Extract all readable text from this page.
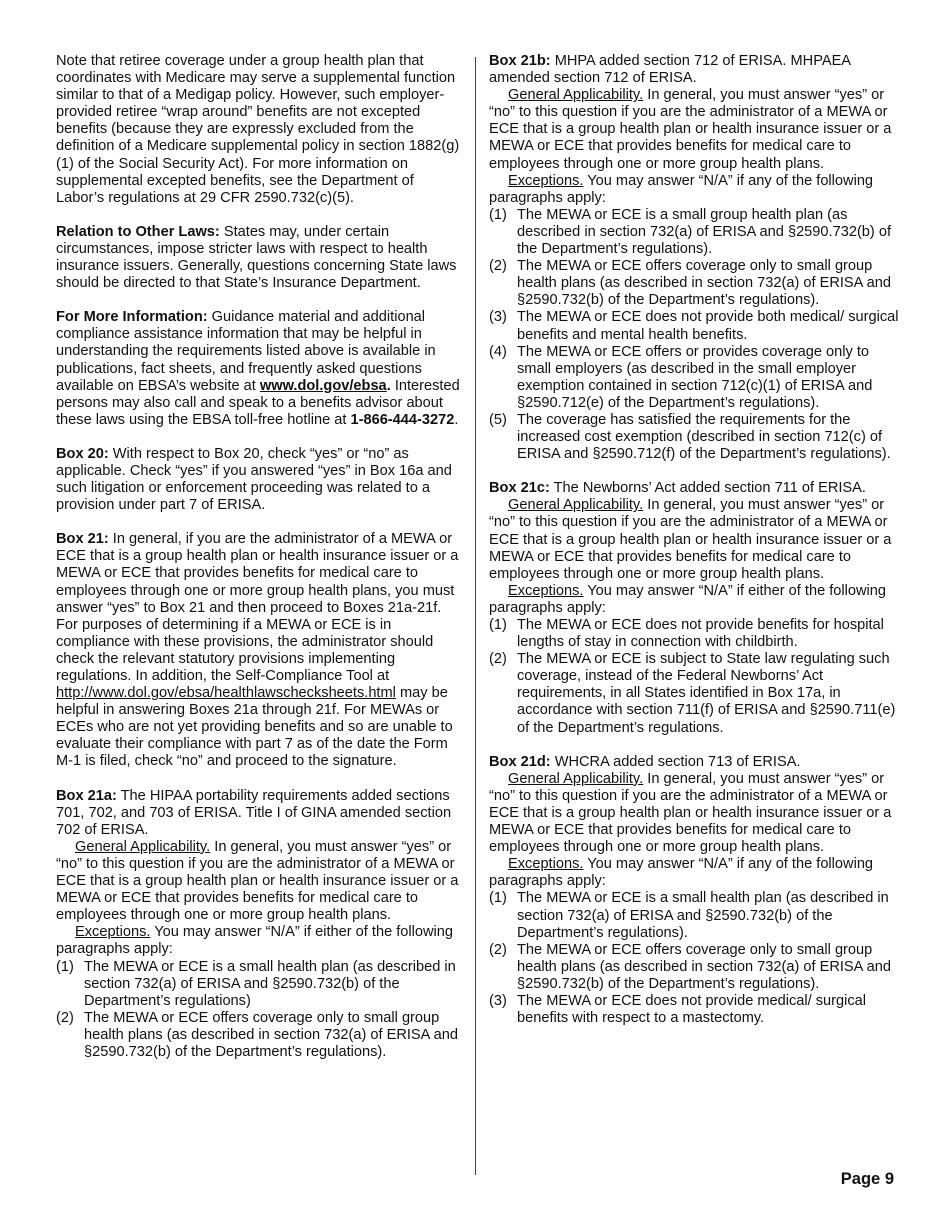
Note that retiree coverage under a group health plan that coordinates with Medicare may serve a supplemental function similar to that of a Medigap policy. However, such employer-provided retiree “wrap around” benefits are not excepted benefits (because they are expressly excluded from the definition of a Medicare supplemental policy in section 1882(g)(1) of the Social Security Act). For more information on supplemental excepted benefits, see the Department of Labor’s regulations at 29 CFR 2590.732(c)(5).

Relation to Other Laws: States may, under certain circumstances, impose stricter laws with respect to health insurance issuers. Generally, questions concerning State laws should be directed to that State’s Insurance Department.

For More Information: Guidance material and additional compliance assistance information that may be helpful in understanding the requirements listed above is available in publications, fact sheets, and frequently asked questions available on EBSA’s website at www.dol.gov/ebsa. Interested persons may also call and speak to a benefits advisor about these laws using the EBSA toll-free hotline at 1-866-444-3272.

Box 20: With respect to Box 20, check “yes” or “no” as applicable. Check “yes” if you answered “yes” in Box 16a and such litigation or enforcement proceeding was related to a provision under part 7 of ERISA.

Box 21: In general, if you are the administrator of a MEWA or ECE that is a group health plan or health insurance issuer or a MEWA or ECE that provides benefits for medical care to employees through one or more group health plans, you must answer “yes” to Box 21 and then proceed to Boxes 21a-21f. For purposes of determining if a MEWA or ECE is in compliance with these provisions, the administrator should check the relevant statutory provisions implementing regulations. In addition, the Self-Compliance Tool at http://www.dol.gov/ebsa/healthlawschecksheets.html may be helpful in answering Boxes 21a through 21f. For MEWAs or ECEs who are not yet providing benefits and so are unable to evaluate their compliance with part 7 as of the date the Form M-1 is filed, check “no” and proceed to the signature.

Box 21a: The HIPAA portability requirements added sections 701, 702, and 703 of ERISA. Title I of GINA amended section 702 of ERISA.

General Applicability. In general, you must answer “yes” or “no” to this question if you are the administrator of a MEWA or ECE that is a group health plan or health insurance issuer or a MEWA or ECE that provides benefits for medical care to employees through one or more group health plans.

Exceptions. You may answer “N/A” if either of the following paragraphs apply:

(1) The MEWA or ECE is a small health plan (as described in section 732(a) of ERISA and §2590.732(b) of the Department’s regulations)
(2) The MEWA or ECE offers coverage only to small group health plans (as described in section 732(a) of ERISA and §2590.732(b) of the Department’s regulations).

Box 21b: MHPA added section 712 of ERISA. MHPAEA amended section 712 of ERISA.

General Applicability. In general, you must answer “yes” or “no” to this question if you are the administrator of a MEWA or ECE that is a group health plan or health insurance issuer or a MEWA or ECE that provides benefits for medical care to employees through one or more group health plans.

Exceptions. You may answer “N/A” if any of the following paragraphs apply:

(1) The MEWA or ECE is a small group health plan (as described in section 732(a) of ERISA and §2590.732(b) of the Department’s regulations).
(2) The MEWA or ECE offers coverage only to small group health plans (as described in section 732(a) of ERISA and §2590.732(b) of the Department’s regulations).
(3) The MEWA or ECE does not provide both medical/ surgical benefits and mental health benefits.
(4) The MEWA or ECE offers or provides coverage only to small employers (as described in the small employer exemption contained in section 712(c)(1) of ERISA and §2590.712(e) of the Department’s regulations).
(5) The coverage has satisfied the requirements for the increased cost exemption (described in section 712(c) of ERISA and §2590.712(f) of the Department’s regulations).

Box 21c: The Newborns’ Act added section 711 of ERISA.

General Applicability. In general, you must answer “yes” or “no” to this question if you are the administrator of a MEWA or ECE that is a group health plan or health insurance issuer or a MEWA or ECE that provides benefits for medical care to employees through one or more group health plans.

Exceptions. You may answer “N/A” if either of the following paragraphs apply:

(1) The MEWA or ECE does not provide benefits for hospital lengths of stay in connection with childbirth.
(2) The MEWA or ECE is subject to State law regulating such coverage, instead of the Federal Newborns’ Act requirements, in all States identified in Box 17a, in accordance with section 711(f) of ERISA and §2590.711(e) of the Department’s regulations.

Box 21d: WHCRA added section 713 of ERISA.

General Applicability. In general, you must answer “yes” or “no” to this question if you are the administrator of a MEWA or ECE that is a group health plan or health insurance issuer or a MEWA or ECE that provides benefits for medical care to employees through one or more group health plans.

Exceptions. You may answer “N/A” if any of the following paragraphs apply:

(1) The MEWA or ECE is a small health plan (as described in section 732(a) of ERISA and §2590.732(b) of the Department’s regulations).
(2) The MEWA or ECE offers coverage only to small group health plans (as described in section 732(a) of ERISA and §2590.732(b) of the Department’s regulations).
(3) The MEWA or ECE does not provide medical/ surgical benefits with respect to a mastectomy.
Page 9
